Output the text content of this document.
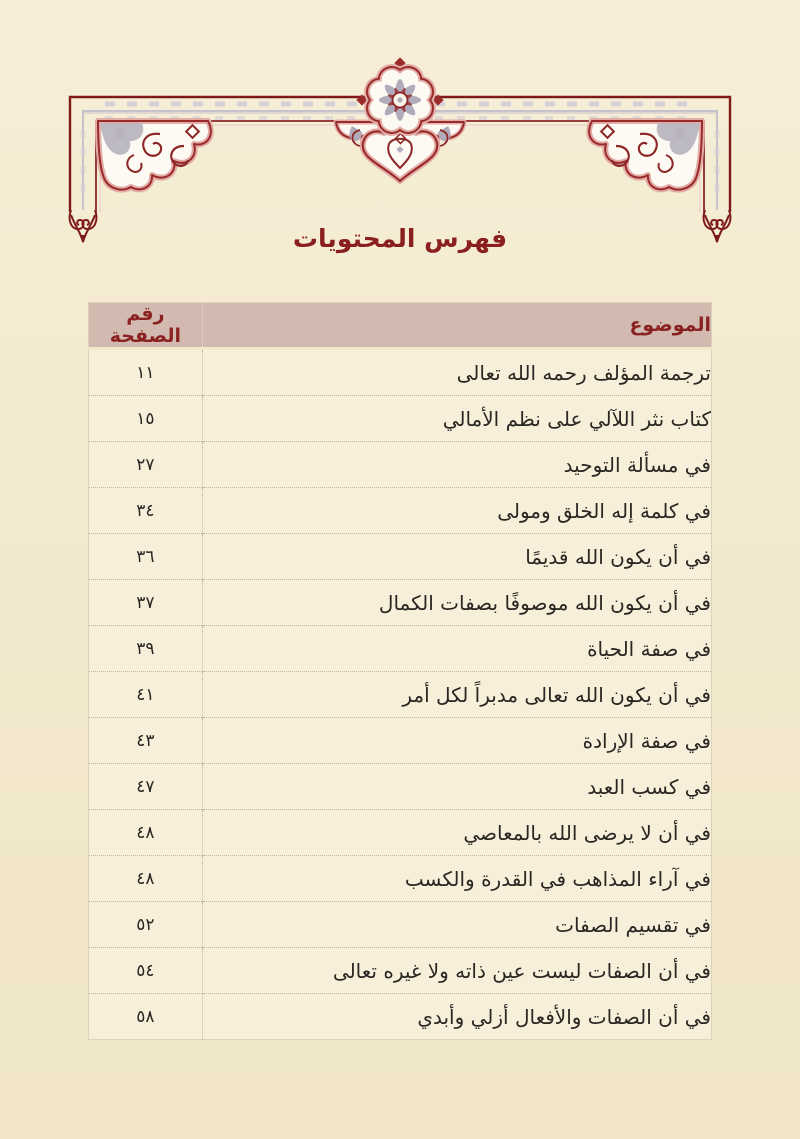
فهرس المحتويات
الموضوع	رقم الصفحة
ترجمة المؤلف رحمه الله تعالى	١١
كتاب نثر اللآلي على نظم الأمالي	١٥
في مسألة التوحيد	٢٧
في كلمة إله الخلق ومولى	٣٤
في أن يكون الله قديمًا	٣٦
في أن يكون الله موصوفًا بصفات الكمال	٣٧
في صفة الحياة	٣٩
في أن يكون الله تعالى مدبراً لكل أمر	٤١
في صفة الإرادة	٤٣
في كسب العبد	٤٧
في أن لا يرضى الله بالمعاصي	٤٨
في آراء المذاهب في القدرة والكسب	٤٨
في تقسيم الصفات	٥٢
في أن الصفات ليست عين ذاته ولا غيره تعالى	٥٤
في أن الصفات والأفعال أزلي وأبدي	٥٨
